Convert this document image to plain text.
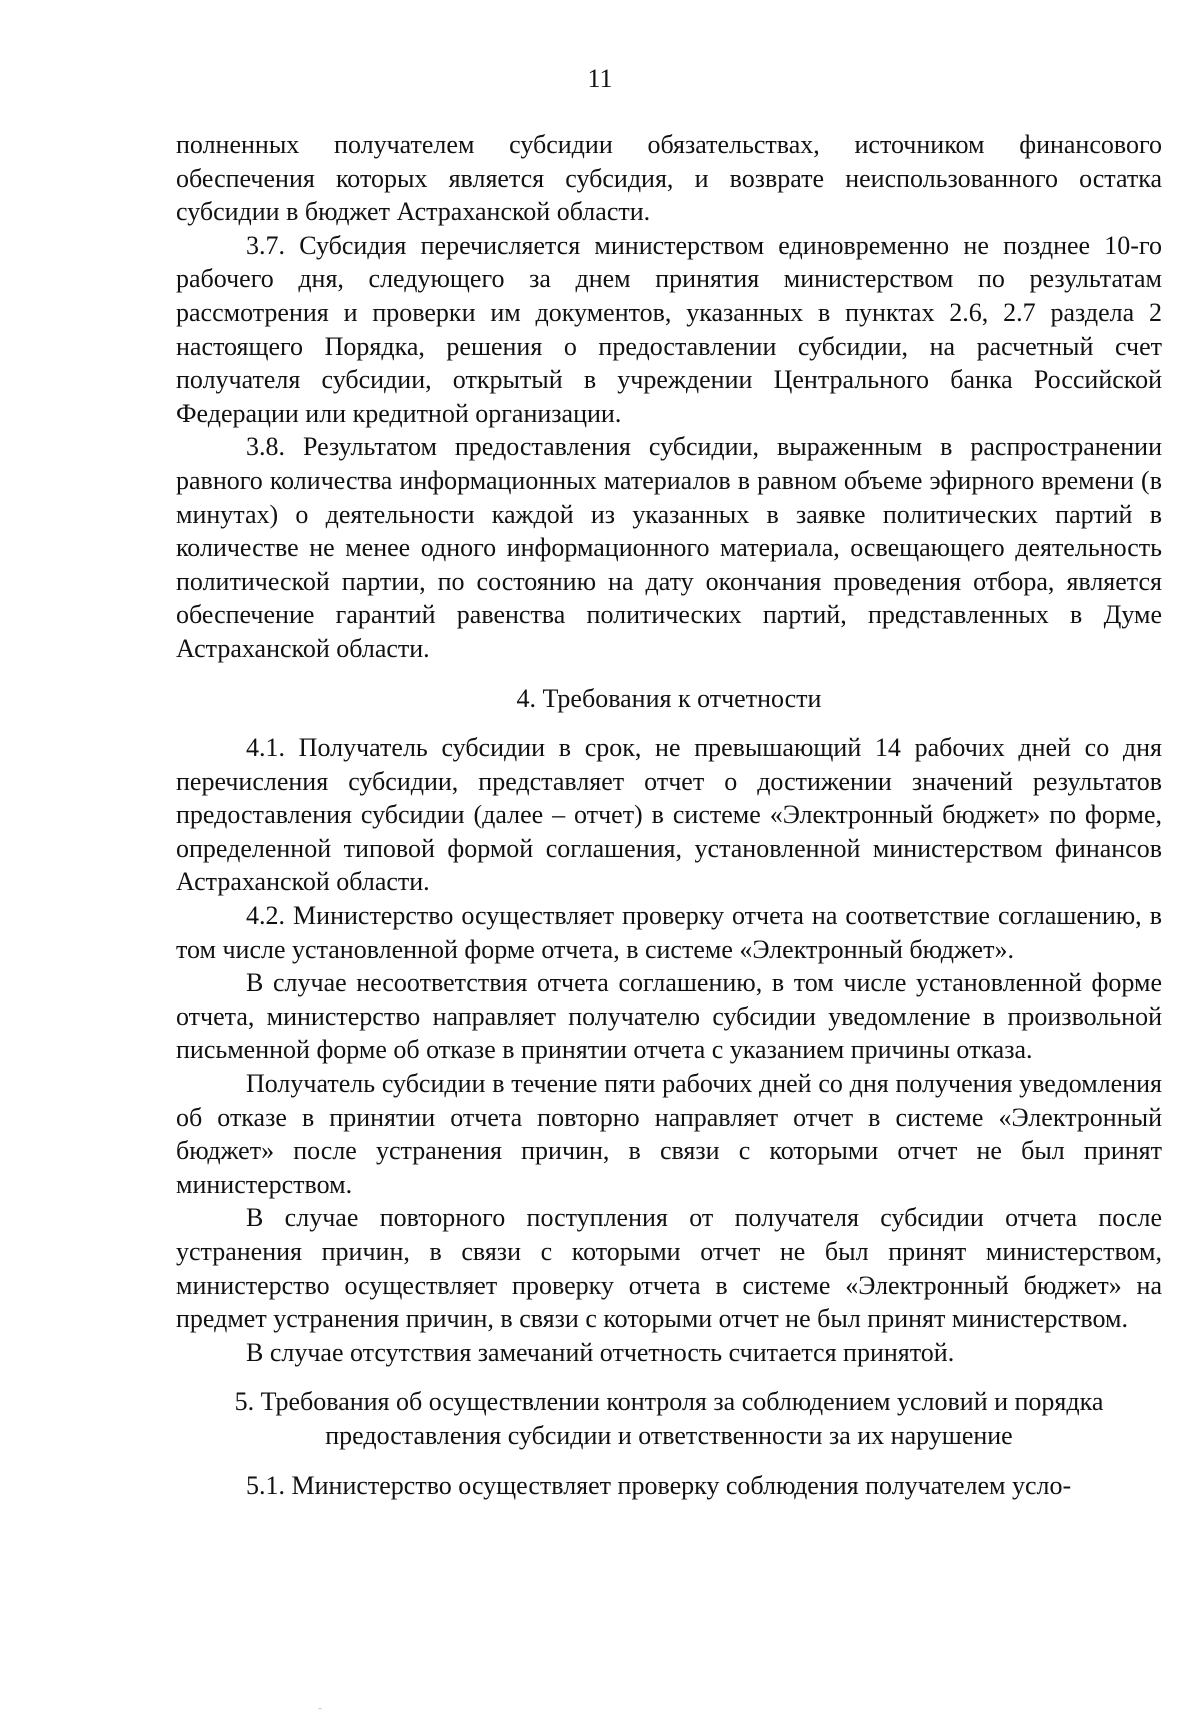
11

полненных получателем субсидии обязательствах, источником финансового обеспечения которых является субсидия, и возврате неиспользованного остатка субсидии в бюджет Астраханской области.

3.7. Субсидия перечисляется министерством единовременно не позднее 10-го рабочего дня, следующего за днем принятия министерством по результатам рассмотрения и проверки им документов, указанных в пунктах 2.6, 2.7 раздела 2 настоящего Порядка, решения о предоставлении субсидии, на расчетный счет получателя субсидии, открытый в учреждении Центрального банка Российской Федерации или кредитной организации.

3.8. Результатом предоставления субсидии, выраженным в распространении равного количества информационных материалов в равном объеме эфирного времени (в минутах) о деятельности каждой из указанных в заявке политических партий в количестве не менее одного информационного материала, освещающего деятельность политической партии, по состоянию на дату окончания проведения отбора, является обеспечение гарантий равенства политических партий, представленных в Думе Астраханской области.

4. Требования к отчетности

4.1. Получатель субсидии в срок, не превышающий 14 рабочих дней со дня перечисления субсидии, представляет отчет о достижении значений результатов предоставления субсидии (далее – отчет) в системе «Электронный бюджет» по форме, определенной типовой формой соглашения, установленной министерством финансов Астраханской области.

4.2. Министерство осуществляет проверку отчета на соответствие соглашению, в том числе установленной форме отчета, в системе «Электронный бюджет».

В случае несоответствия отчета соглашению, в том числе установленной форме отчета, министерство направляет получателю субсидии уведомление в произвольной письменной форме об отказе в принятии отчета с указанием причины отказа.

Получатель субсидии в течение пяти рабочих дней со дня получения уведомления об отказе в принятии отчета повторно направляет отчет в системе «Электронный бюджет» после устранения причин, в связи с которыми отчет не был принят министерством.

В случае повторного поступления от получателя субсидии отчета после устранения причин, в связи с которыми отчет не был принят министерством, министерство осуществляет проверку отчета в системе «Электронный бюджет» на предмет устранения причин, в связи с которыми отчет не был принят министерством.

В случае отсутствия замечаний отчетность считается принятой.

5. Требования об осуществлении контроля за соблюдением условий и порядка

предоставления субсидии и ответственности за их нарушение

5.1. Министерство осуществляет проверку соблюдения получателем усло-
